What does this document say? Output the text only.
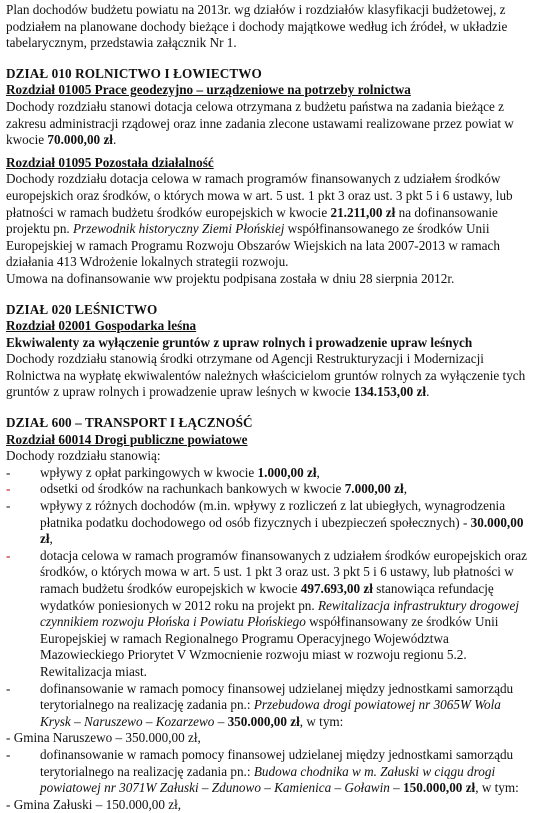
Plan dochodów budżetu powiatu na 2013r. wg działów i rozdziałów klasyfikacji budżetowej, z podziałem na planowane dochody bieżące i dochody majątkowe według ich źródeł, w układzie tabelarycznym, przedstawia załącznik Nr 1.

DZIAŁ 010 ROLNICTWO I ŁOWIECTWO

Rozdział 01005 Prace geodezyjno – urządzeniowe na potrzeby rolnictwa

Dochody rozdziału stanowi dotacja celowa otrzymana z budżetu państwa na zadania bieżące z zakresu administracji rządowej oraz inne zadania zlecone ustawami realizowane przez powiat w kwocie 70.000,00 zł.

Rozdział 01095 Pozostała działalność

Dochody rozdziału dotacja celowa w ramach programów finansowanych z udziałem środków europejskich oraz środków, o których mowa w art. 5 ust. 1 pkt 3 oraz ust. 3 pkt 5 i 6 ustawy, lub płatności w ramach budżetu środków europejskich w kwocie 21.211,00 zł na dofinansowanie projektu pn. Przewodnik historyczny Ziemi Płońskiej współfinansowanego ze środków Unii Europejskiej w ramach Programu Rozwoju Obszarów Wiejskich na lata 2007-2013 w ramach działania 413 Wdrożenie lokalnych strategii rozwoju.

Umowa na dofinansowanie ww projektu podpisana została w dniu 28 sierpnia 2012r.

DZIAŁ 020 LEŚNICTWO

Rozdział 02001 Gospodarka leśna

Ekwiwalenty za wyłączenie gruntów z upraw rolnych i prowadzenie upraw leśnych

Dochody rozdziału stanowią środki otrzymane od Agencji Restrukturyzacji i Modernizacji Rolnictwa na wypłatę ekwiwalentów należnych właścicielom gruntów rolnych za wyłączenie tych gruntów z upraw rolnych i prowadzenie upraw leśnych w kwocie 134.153,00 zł.

DZIAŁ 600 – TRANSPORT I ŁĄCZNOŚĆ

Rozdział 60014 Drogi publiczne powiatowe

Dochody rozdziału stanowią:

- wpływy z opłat parkingowych w kwocie 1.000,00 zł,
- odsetki od środków na rachunkach bankowych w kwocie 7.000,00 zł,
- wpływy z różnych dochodów (m.in. wpływy z rozliczeń z lat ubiegłych, wynagrodzenia płatnika podatku dochodowego od osób fizycznych i ubezpieczeń społecznych) - 30.000,00 zł,
- dotacja celowa w ramach programów finansowanych z udziałem środków europejskich oraz środków, o których mowa w art. 5 ust. 1 pkt 3 oraz ust. 3 pkt 5 i 6 ustawy, lub płatności w ramach budżetu środków europejskich w kwocie 497.693,00 zł stanowiąca refundację wydatków poniesionych w 2012 roku na projekt pn. Rewitalizacja infrastruktury drogowej czynnikiem rozwoju Płońska i Powiatu Płońskiego współfinansowany ze środków Unii Europejskiej w ramach Regionalnego Programu Operacyjnego Województwa Mazowieckiego Priorytet V Wzmocnienie rozwoju miast w rozwoju regionu 5.2. Rewitalizacja miast.
- dofinansowanie w ramach pomocy finansowej udzielanej między jednostkami samorządu terytorialnego na realizację zadania pn.: Przebudowa drogi powiatowej nr 3065W Wola Krysk – Naruszewo – Kozarzewo – 350.000,00 zł, w tym:

- Gmina Naruszewo – 350.000,00 zł,

- dofinansowanie w ramach pomocy finansowej udzielanej między jednostkami samorządu terytorialnego na realizację zadania pn.: Budowa chodnika w m. Załuski w ciągu drogi powiatowej nr 3071W Załuski – Zdunowo – Kamienica – Goławin – 150.000,00 zł, w tym:

- Gmina Załuski – 150.000,00 zł,
